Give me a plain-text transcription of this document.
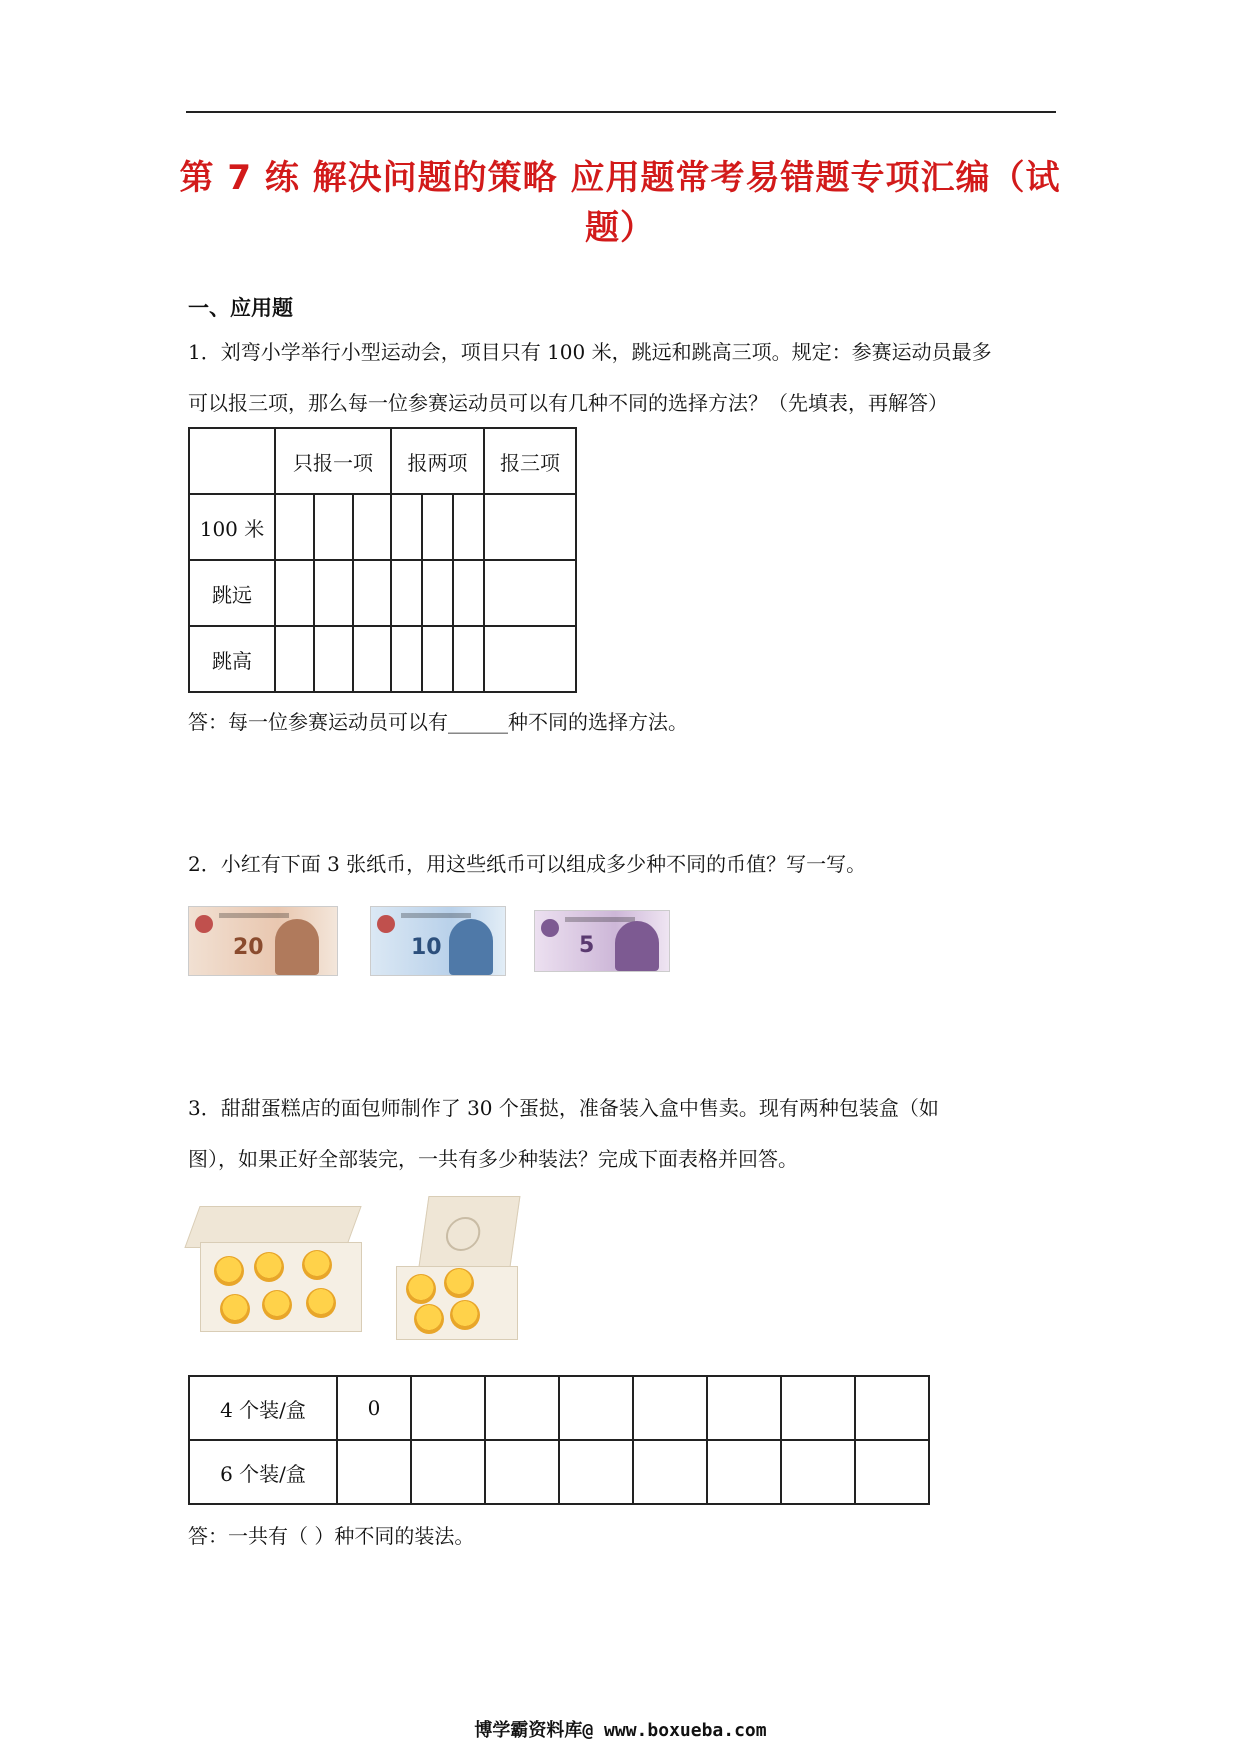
第 7 练 解决问题的策略 应用题常考易错题专项汇编（试
题）
一、应用题
1．刘弯小学举行小型运动会，项目只有 100 米，跳远和跳高三项。规定：参赛运动员最多
可以报三项，那么每一位参赛运动员可以有几种不同的选择方法？（先填表，再解答）
	只报一项			报两项			报三项
100 米							
跳远							
跳高							
答：每一位参赛运动员可以有______种不同的选择方法。
2．小红有下面 3 张纸币，用这些纸币可以组成多少种不同的币值？写一写。
20	10	5
3．甜甜蛋糕店的面包师制作了 30 个蛋挞，准备装入盒中售卖。现有两种包装盒（如
图），如果正好全部装完，一共有多少种装法？完成下面表格并回答。
4 个装/盒	0							
6 个装/盒								
答：一共有（ ）种不同的装法。
博学霸资料库@ www.boxueba.com
